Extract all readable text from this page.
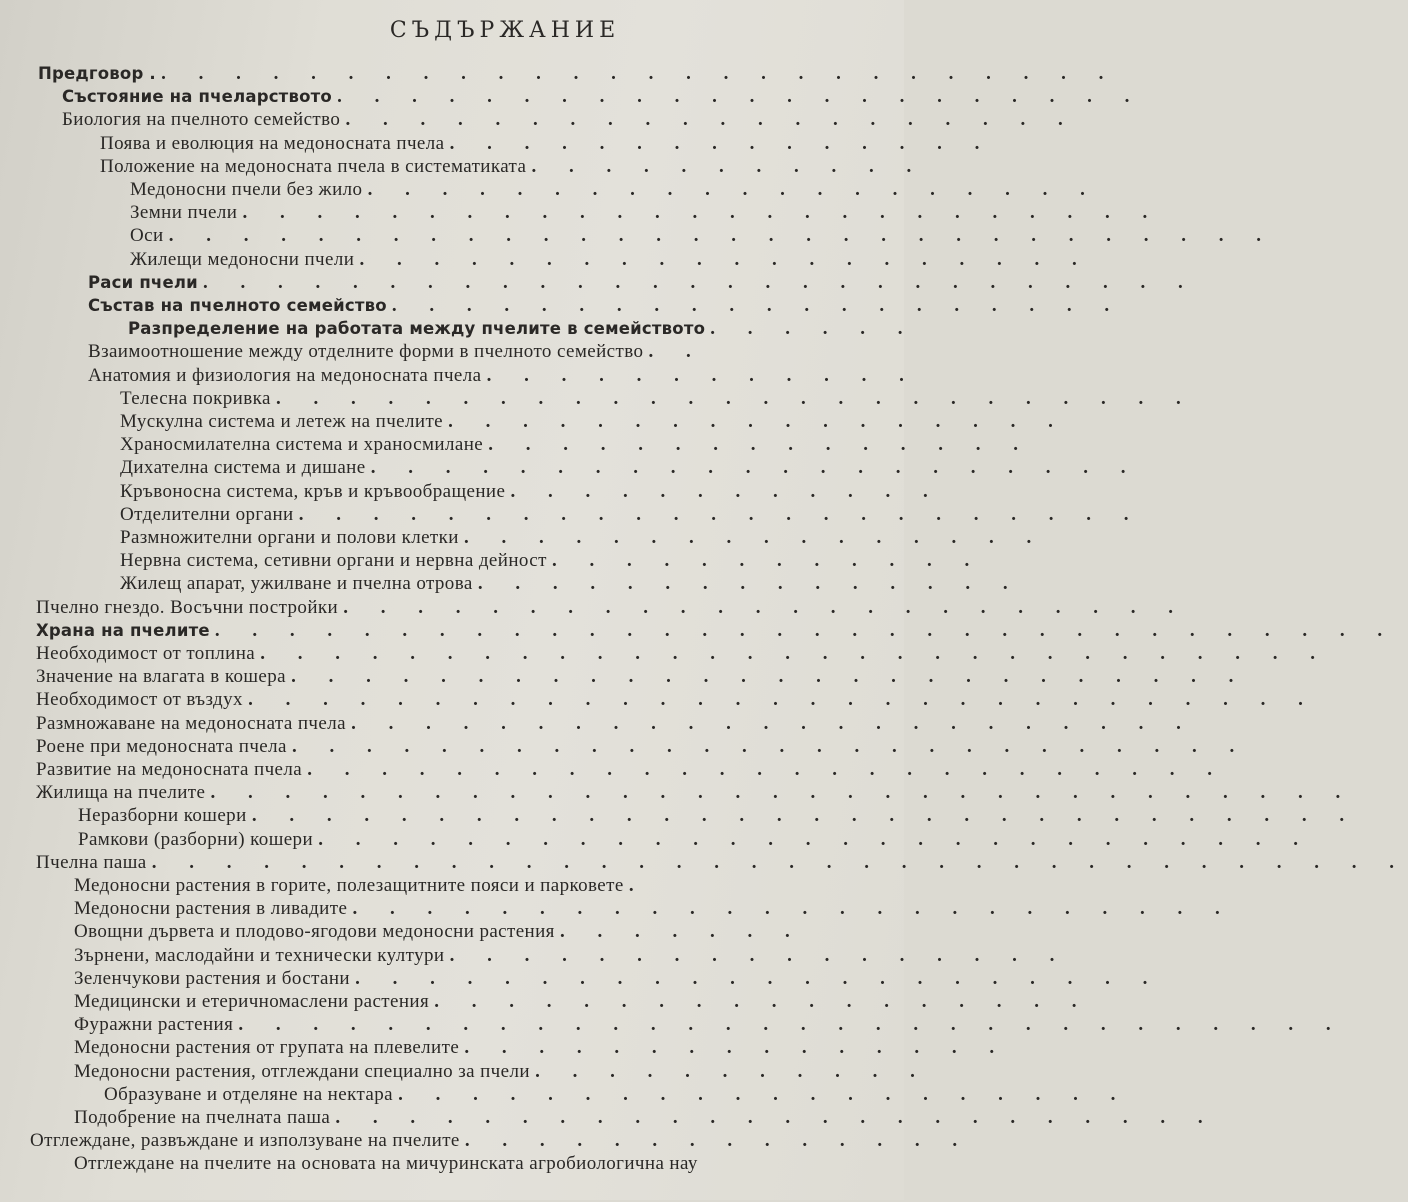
СЪДЪРЖАНИЕ
Предговор . . . . . . . . . . . . . . . . . . . . . . . . . . .
Състояние на пчеларството . . . . . . . . . . . . . . . . . . . . . .
Биология на пчелното семейство . . . . . . . . . . . . . . . . . . . .
Поява и еволюция на медоносната пчела . . . . . . . . . . . . . . .
Положение на медоносната пчела в систематиката . . . . . . . . . . .
Медоносни пчели без жило . . . . . . . . . . . . . . . . . . . .
Земни пчели . . . . . . . . . . . . . . . . . . . . . . . . .
Оси . . . . . . . . . . . . . . . . . . . . . . . . . . . . . .
Жилещи медоносни пчели . . . . . . . . . . . . . . . . . . . .
Раси пчели . . . . . . . . . . . . . . . . . . . . . . . . . . .
Състав на пчелното семейство . . . . . . . . . . . . . . . . . . . .
Разпределение на работата между пчелите в семейството . . . . . .
Взаимоотношение между отделните форми в пчелното семейство . .
Анатомия и физиология на медоносната пчела . . . . . . . . . . . .
Телесна покривка . . . . . . . . . . . . . . . . . . . . . . . . .
Мускулна система и летеж на пчелите . . . . . . . . . . . . . . . . .
Храносмилателна система и храносмилане . . . . . . . . . . . . . . .
Дихателна система и дишане . . . . . . . . . . . . . . . . . . . . .
Кръвоносна система, кръв и кръвообращение . . . . . . . . . . . .
Отделителни органи . . . . . . . . . . . . . . . . . . . . . . .
Размножителни органи и полови клетки . . . . . . . . . . . . . . . .
Нервна система, сетивни органи и нервна дейност . . . . . . . . . . . .
Жилещ апарат, ужилване и пчелна отрова . . . . . . . . . . . . . . .
Пчелно гнездо. Восъчни постройки . . . . . . . . . . . . . . . . . . . . . . .
Храна на пчелите . . . . . . . . . . . . . . . . . . . . . . . . . . . . . . . .
Необходимост от топлина . . . . . . . . . . . . . . . . . . . . . . . . . . . . .
Значение на влагата в кошера . . . . . . . . . . . . . . . . . . . . . . . . . .
Необходимост от въздух . . . . . . . . . . . . . . . . . . . . . . . . . . . . .
Размножаване на медоносната пчела . . . . . . . . . . . . . . . . . . . . . . .
Роене при медоносната пчела . . . . . . . . . . . . . . . . . . . . . . . . . .
Развитие на медоносната пчела . . . . . . . . . . . . . . . . . . . . . . . . .
Жилища на пчелите . . . . . . . . . . . . . . . . . . . . . . . . . . . . . . .
Неразборни кошери . . . . . . . . . . . . . . . . . . . . . . . . . . . . . .
Рамкови (разборни) кошери . . . . . . . . . . . . . . . . . . . . . . . . . . .
Пчелна паша . . . . . . . . . . . . . . . . . . . . . . . . . . . . . . . . . .
Медоносни растения в горите, полезащитните пояси и парковете .
Медоносни растения в ливадите . . . . . . . . . . . . . . . . . . . . . . . .
Овощни дървета и плодово-ягодови медоносни растения . . . . . . .
Зърнени, маслодайни и технически култури . . . . . . . . . . . . . . . . .
Зеленчукови растения и бостани . . . . . . . . . . . . . . . . . . . . . .
Медицински и етеричномаслени растения . . . . . . . . . . . . . . . . . .
Фуражни растения . . . . . . . . . . . . . . . . . . . . . . . . . . . . . .
Медоносни растения от групата на плевелите . . . . . . . . . . . . . . .
Медоносни растения, отглеждани специално за пчели . . . . . . . . . . .
Образуване и отделяне на нектара . . . . . . . . . . . . . . . . . . . .
Подобрение на пчелната паша . . . . . . . . . . . . . . . . . . . . . . . .
Отглеждане, развъждане и използуване на пчелите . . . . . . . . . . . . . .
Отглеждане на пчелите на основата на мичуринската агробиологична нау
